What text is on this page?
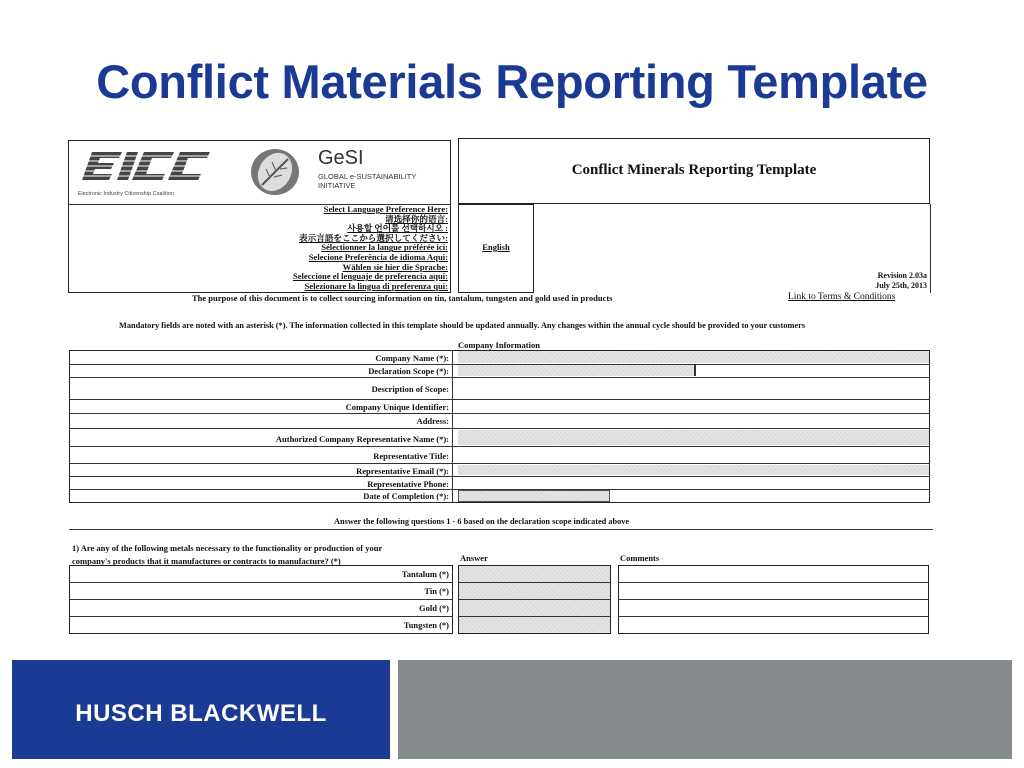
Conflict Materials Reporting Template
Electronic Industry Citizenship Coalition
GeSI
GLOBAL e-SUSTAINABILITY
INITIATIVE
Conflict Minerals Reporting Template
Select Language Preference Here:
请选择你的语言:
사용할 언어를 선택하시오 :
表示言語をここから選択してください:
Sélectionner la langue préférée ici:
Selecione Preferência de idioma Aqui:
Wählen sie hier die Sprache:
Seleccione el lenguaje de preferencia aqui:
Selezionare la lingua di preferenza qui:
English
Revision 2.03a
July 25th, 2013
The purpose of this document is to collect sourcing information on tin, tantalum, tungsten and gold used in products	Link to Terms & Conditions
Mandatory fields are noted with an asterisk (*). The information collected in this template should be updated annually. Any changes within the annual cycle should be provided to your customers
Company Information
Company Name (*):
Declaration Scope (*):
Description of Scope:
Company Unique Identifier:
Address:
Authorized Company Representative Name (*):
Representative Title:
Representative Email (*):
Representative Phone:
Date of Completion (*):
Answer the following questions 1 - 6 based on the declaration scope indicated above
1) Are any of the following metals necessary to the functionality or production of your
company's products that it manufactures or contracts to manufacture? (*)	Answer	Comments
Tantalum (*)
Tin (*)
Gold (*)
Tungsten (*)
HUSCH BLACKWELL
